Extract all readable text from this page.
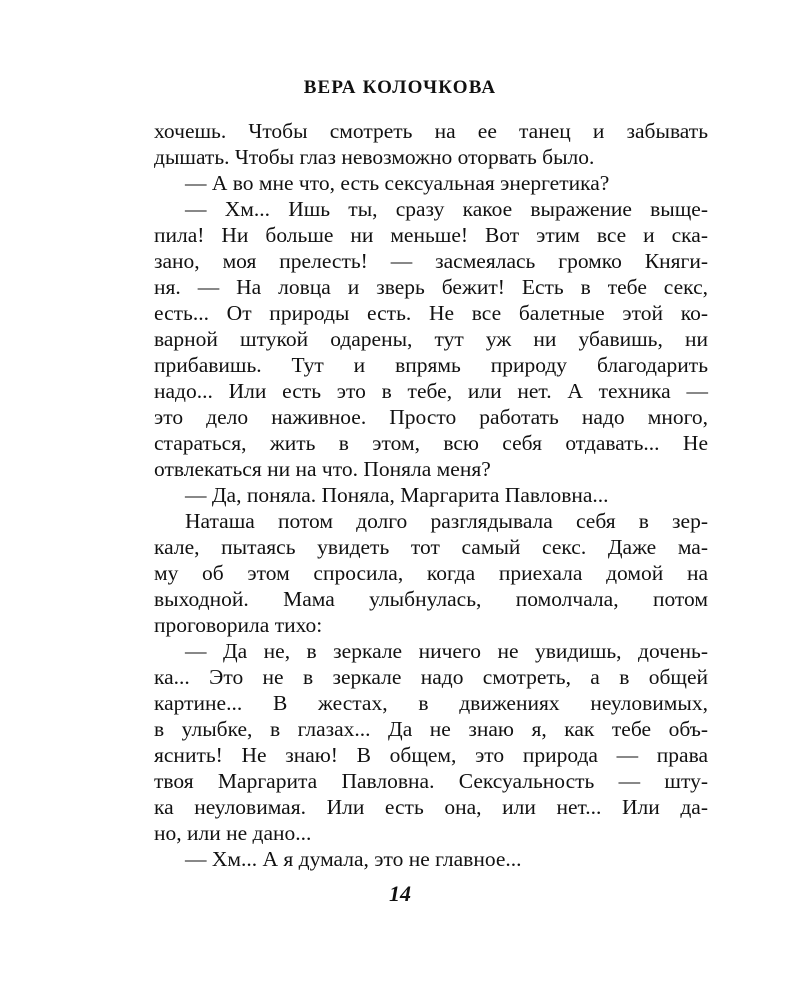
ВЕРА КОЛОЧКОВА
хочешь. Чтобы смотреть на ее танец и забывать
дышать. Чтобы глаз невозможно оторвать было.
— А во мне что, есть сексуальная энергетика?
— Хм... Ишь ты, сразу какое выражение выще-
пила! Ни больше ни меньше! Вот этим все и ска-
зано, моя прелесть! — засмеялась громко Княги-
ня. — На ловца и зверь бежит! Есть в тебе секс,
есть... От природы есть. Не все балетные этой ко-
варной штукой одарены, тут уж ни убавишь, ни
прибавишь. Тут и впрямь природу благодарить
надо... Или есть это в тебе, или нет. А техника —
это дело наживное. Просто работать надо много,
стараться, жить в этом, всю себя отдавать... Не
отвлекаться ни на что. Поняла меня?
— Да, поняла. Поняла, Маргарита Павловна...
Наташа потом долго разглядывала себя в зер-
кале, пытаясь увидеть тот самый секс. Даже ма-
му об этом спросила, когда приехала домой на
выходной. Мама улыбнулась, помолчала, потом
проговорила тихо:
— Да не, в зеркале ничего не увидишь, дочень-
ка... Это не в зеркале надо смотреть, а в общей
картине... В жестах, в движениях неуловимых,
в улыбке, в глазах... Да не знаю я, как тебе объ-
яснить! Не знаю! В общем, это природа — права
твоя Маргарита Павловна. Сексуальность — шту-
ка неуловимая. Или есть она, или нет... Или да-
но, или не дано...
— Хм... А я думала, это не главное...
14
